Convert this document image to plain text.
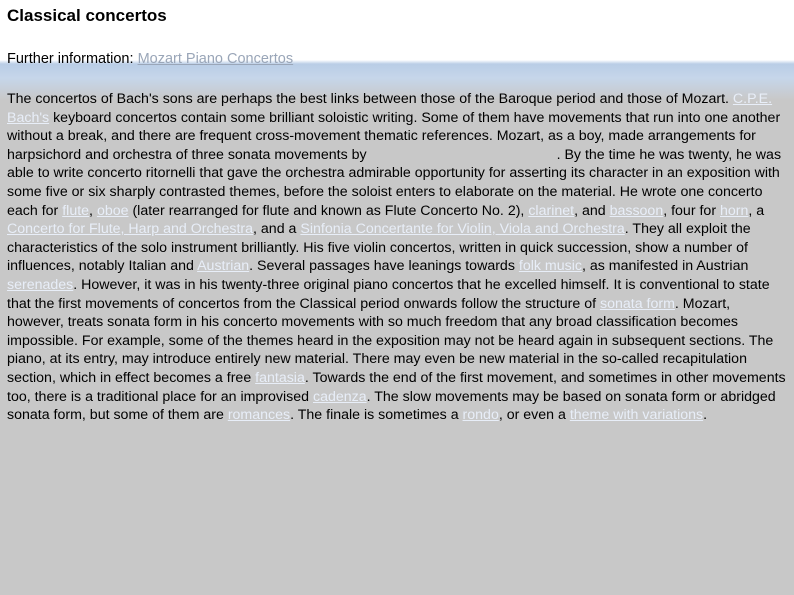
Classical concertos

Further information: Mozart Piano Concertos

The concertos of Bach's sons are perhaps the best links between those of the Baroque period and those of Mozart. C.P.E. Bach's keyboard concertos contain some brilliant soloistic writing. Some of them have movements that run into one another without a break, and there are frequent cross-movement thematic references. Mozart, as a boy, made arrangements for harpsichord and orchestra of three sonata movements by	. By the time he was twenty, he was able to write concerto ritornelli that gave the orchestra admirable opportunity for asserting its character in an exposition with some five or six sharply contrasted themes, before the soloist enters to elaborate on the material. He wrote one concerto each for flute, oboe (later rearranged for flute and known as Flute Concerto No. 2), clarinet, and bassoon, four for horn, a Concerto for Flute, Harp and Orchestra, and a Sinfonia Concertante for Violin, Viola and Orchestra. They all exploit the characteristics of the solo instrument brilliantly. His five violin concertos, written in quick succession, show a number of influences, notably Italian and Austrian. Several passages have leanings towards folk music, as manifested in Austrian serenades. However, it was in his twenty-three original piano concertos that he excelled himself. It is conventional to state that the first movements of concertos from the Classical period onwards follow the structure of sonata form. Mozart, however, treats sonata form in his concerto movements with so much freedom that any broad classification becomes impossible. For example, some of the themes heard in the exposition may not be heard again in subsequent sections. The piano, at its entry, may introduce entirely new material. There may even be new material in the so-called recapitulation section, which in effect becomes a free fantasia. Towards the end of the first movement, and sometimes in other movements too, there is a traditional place for an improvised cadenza. The slow movements may be based on sonata form or abridged sonata form, but some of them are romances. The finale is sometimes a rondo, or even a theme with variations.
